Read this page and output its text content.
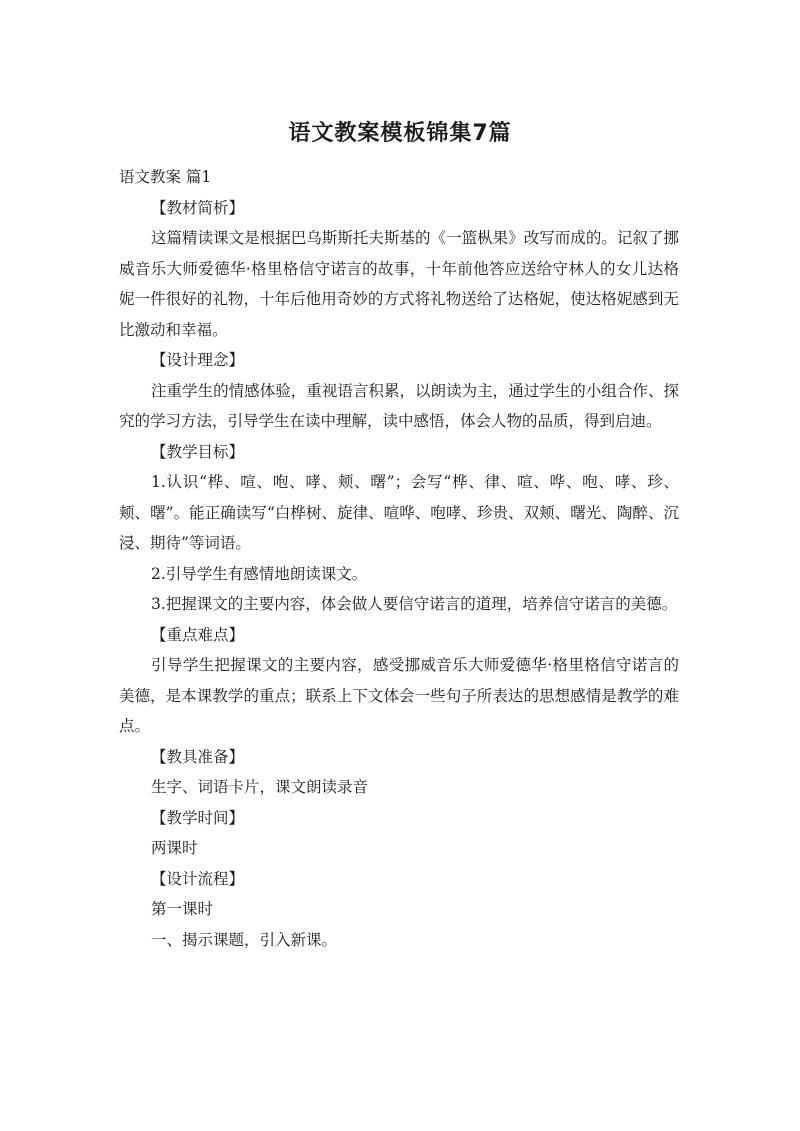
语文教案模板锦集7篇

语文教案 篇1

【教材简析】

这篇精读课文是根据巴乌斯斯托夫斯基的《一篮枞果》改写而成的。记叙了挪威音乐大师爱德华·格里格信守诺言的故事，十年前他答应送给守林人的女儿达格妮一件很好的礼物，十年后他用奇妙的方式将礼物送给了达格妮，使达格妮感到无比激动和幸福。

【设计理念】

注重学生的情感体验，重视语言积累，以朗读为主，通过学生的小组合作、探究的学习方法，引导学生在读中理解，读中感悟，体会人物的品质，得到启迪。

【教学目标】

1.认识“桦、喧、咆、哮、颊、曙”；会写“桦、律、喧、哗、咆、哮、珍、颊、曙”。能正确读写“白桦树、旋律、喧哗、咆哮、珍贵、双颊、曙光、陶醉、沉浸、期待”等词语。

2.引导学生有感情地朗读课文。

3.把握课文的主要内容，体会做人要信守诺言的道理，培养信守诺言的美德。

【重点难点】

引导学生把握课文的主要内容，感受挪威音乐大师爱德华·格里格信守诺言的美德，是本课教学的重点；联系上下文体会一些句子所表达的思想感情是教学的难点。

【教具准备】

生字、词语卡片，课文朗读录音

【教学时间】

两课时

【设计流程】

第一课时

一、揭示课题，引入新课。
